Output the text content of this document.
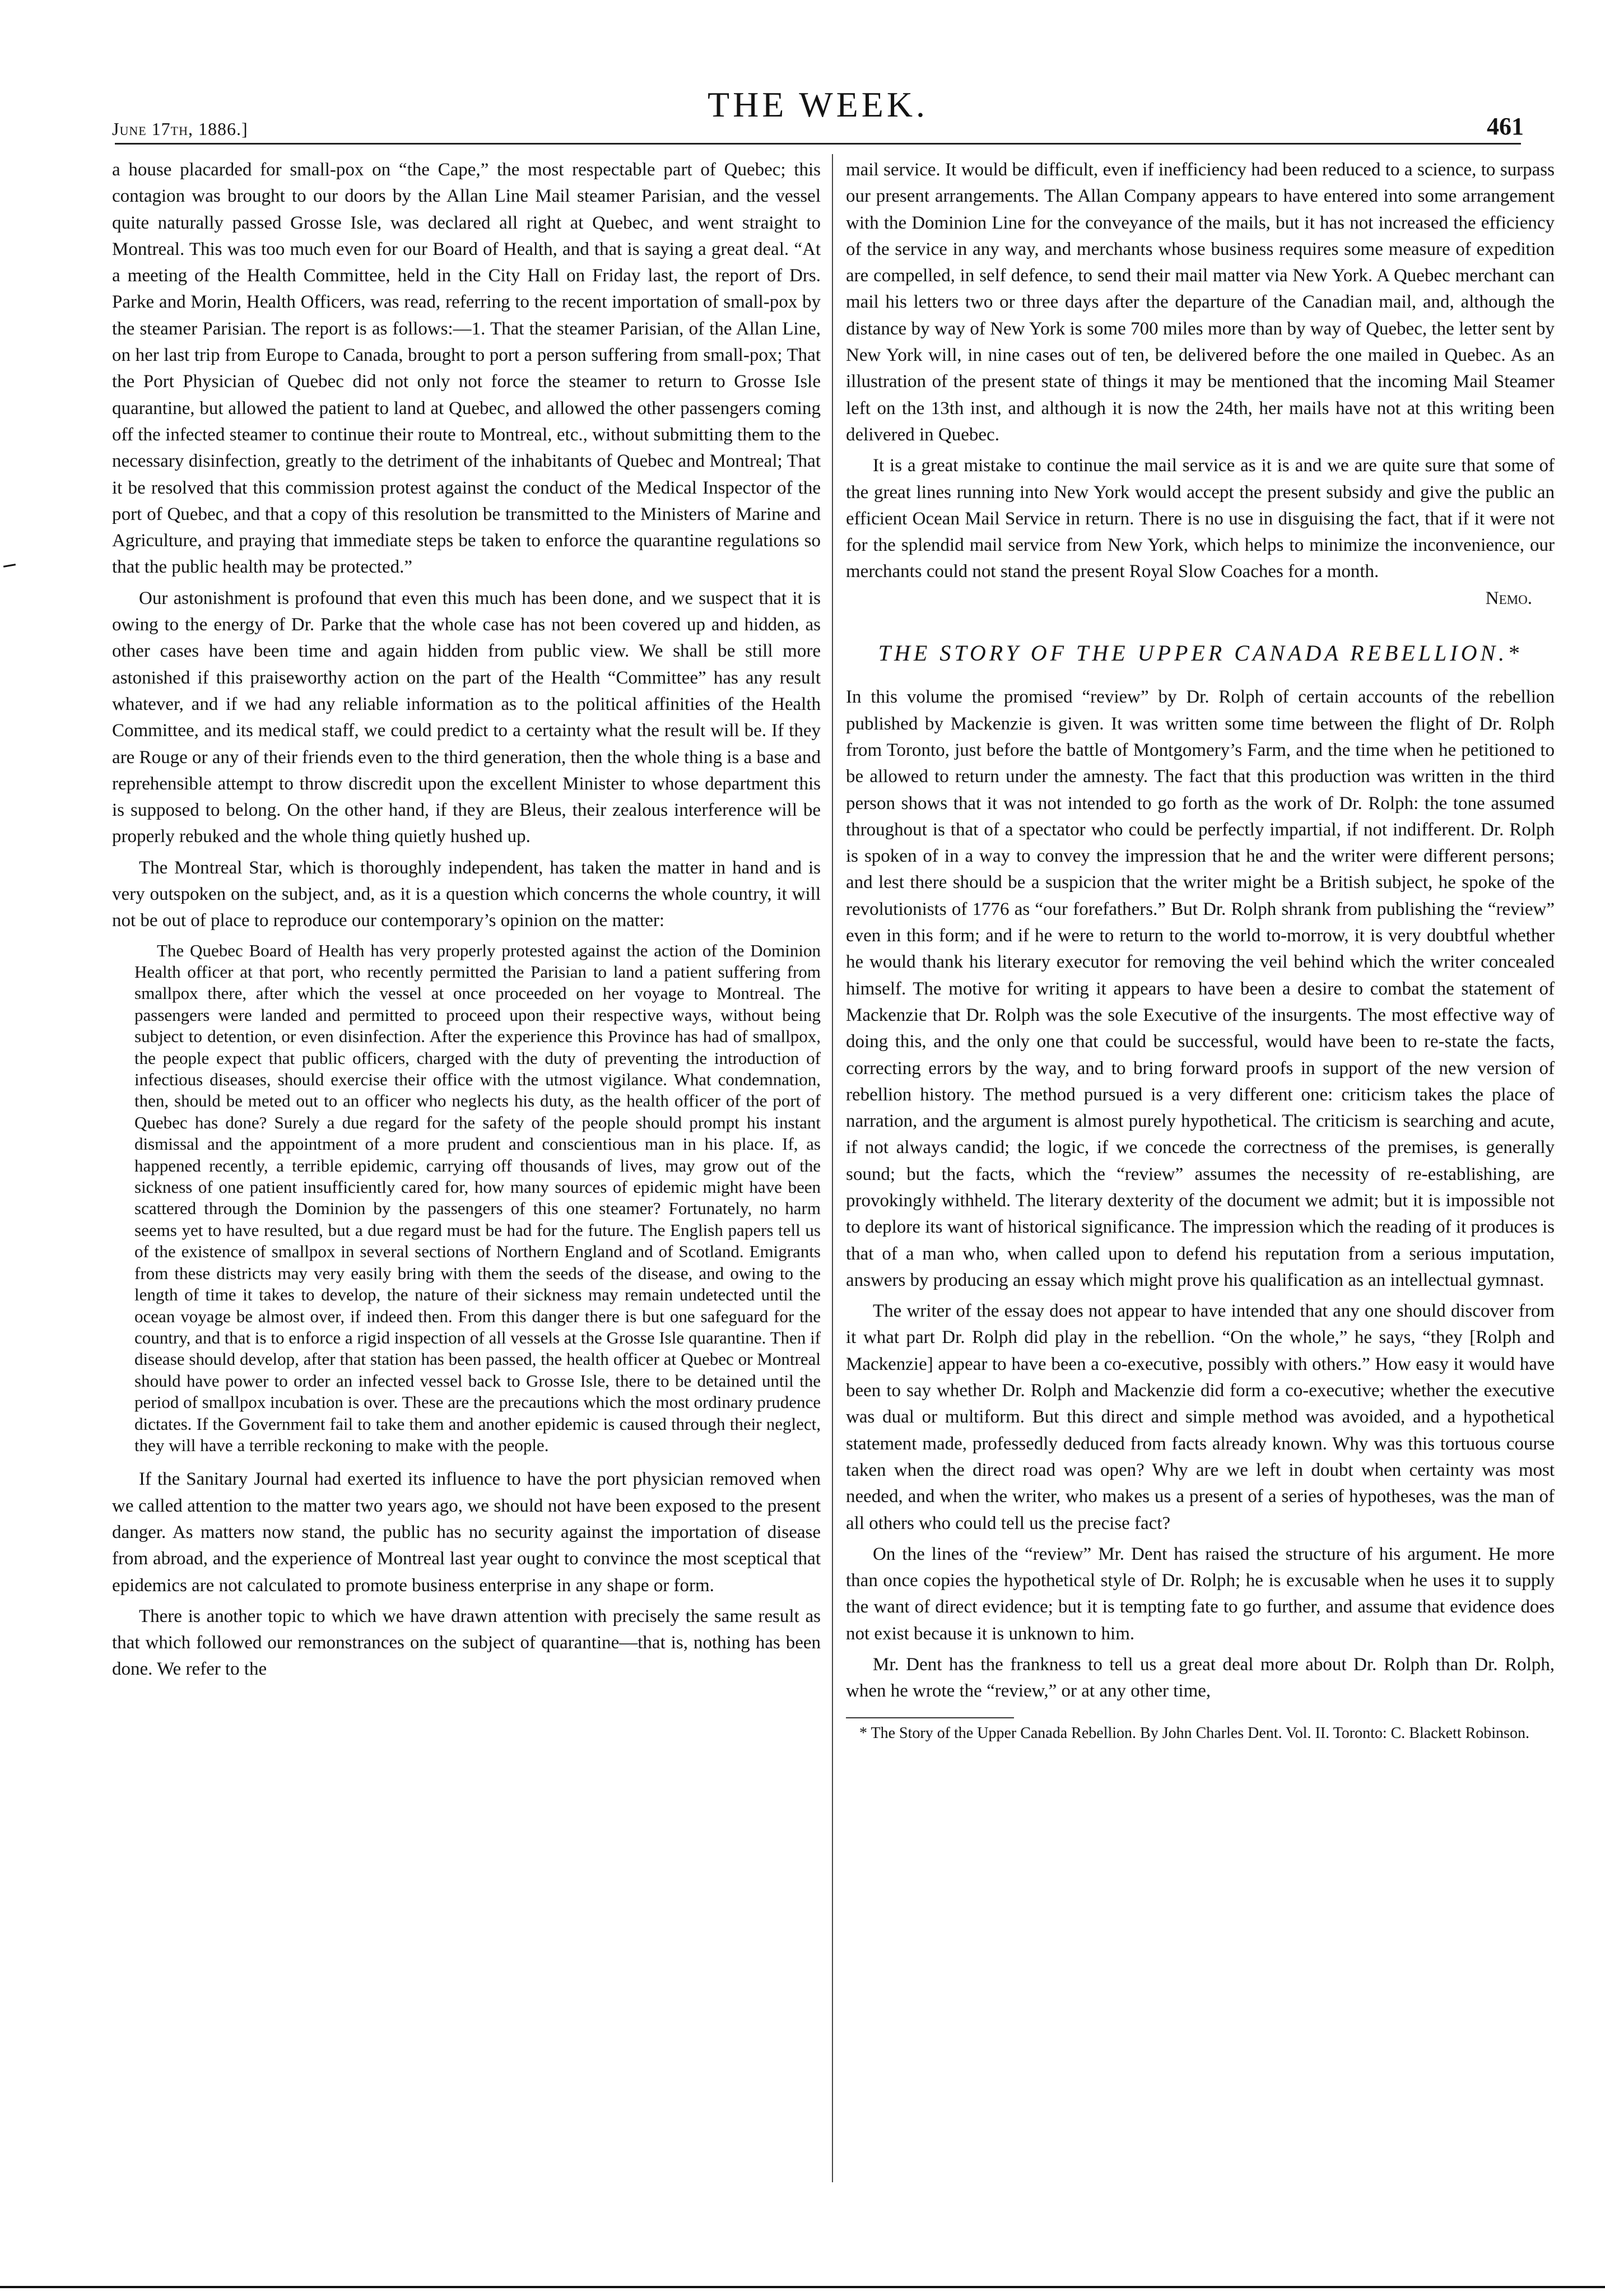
June 17th, 1886.]
THE WEEK.
461

a house placarded for small-pox on “the Cape,” the most respectable part of Quebec; this contagion was brought to our doors by the Allan Line Mail steamer Parisian, and the vessel quite naturally passed Grosse Isle, was declared all right at Quebec, and went straight to Montreal. This was too much even for our Board of Health, and that is saying a great deal. “At a meeting of the Health Committee, held in the City Hall on Friday last, the report of Drs. Parke and Morin, Health Officers, was read, referring to the recent importation of small-pox by the steamer Parisian. The report is as follows:—1. That the steamer Parisian, of the Allan Line, on her last trip from Europe to Canada, brought to port a person suffering from small-pox; That the Port Physician of Quebec did not only not force the steamer to return to Grosse Isle quarantine, but allowed the patient to land at Quebec, and allowed the other passengers coming off the infected steamer to continue their route to Montreal, etc., without submitting them to the necessary disinfection, greatly to the detriment of the inhabitants of Quebec and Montreal; That it be resolved that this commission protest against the conduct of the Medical Inspector of the port of Quebec, and that a copy of this resolution be transmitted to the Ministers of Marine and Agriculture, and praying that immediate steps be taken to enforce the quarantine regulations so that the public health may be protected.”

Our astonishment is profound that even this much has been done, and we suspect that it is owing to the energy of Dr. Parke that the whole case has not been covered up and hidden, as other cases have been time and again hidden from public view. We shall be still more astonished if this praiseworthy action on the part of the Health “Committee” has any result whatever, and if we had any reliable information as to the political affinities of the Health Committee, and its medical staff, we could predict to a certainty what the result will be. If they are Rouge or any of their friends even to the third generation, then the whole thing is a base and reprehensible attempt to throw discredit upon the excellent Minister to whose department this is supposed to belong. On the other hand, if they are Bleus, their zealous interference will be properly rebuked and the whole thing quietly hushed up.

The Montreal Star, which is thoroughly independent, has taken the matter in hand and is very outspoken on the subject, and, as it is a question which concerns the whole country, it will not be out of place to reproduce our contemporary’s opinion on the matter:

The Quebec Board of Health has very properly protested against the action of the Dominion Health officer at that port, who recently permitted the Parisian to land a patient suffering from smallpox there, after which the vessel at once proceeded on her voyage to Montreal. The passengers were landed and permitted to proceed upon their respective ways, without being subject to detention, or even disinfection. After the experience this Province has had of smallpox, the people expect that public officers, charged with the duty of preventing the introduction of infectious diseases, should exercise their office with the utmost vigilance. What condemnation, then, should be meted out to an officer who neglects his duty, as the health officer of the port of Quebec has done? Surely a due regard for the safety of the people should prompt his instant dismissal and the appointment of a more prudent and conscientious man in his place. If, as happened recently, a terrible epidemic, carrying off thousands of lives, may grow out of the sickness of one patient insufficiently cared for, how many sources of epidemic might have been scattered through the Dominion by the passengers of this one steamer? Fortunately, no harm seems yet to have resulted, but a due regard must be had for the future. The English papers tell us of the existence of smallpox in several sections of Northern England and of Scotland. Emigrants from these districts may very easily bring with them the seeds of the disease, and owing to the length of time it takes to develop, the nature of their sickness may remain undetected until the ocean voyage be almost over, if indeed then. From this danger there is but one safeguard for the country, and that is to enforce a rigid inspection of all vessels at the Grosse Isle quarantine. Then if disease should develop, after that station has been passed, the health officer at Quebec or Montreal should have power to order an infected vessel back to Grosse Isle, there to be detained until the period of smallpox incubation is over. These are the precautions which the most ordinary prudence dictates. If the Government fail to take them and another epidemic is caused through their neglect, they will have a terrible reckoning to make with the people.

If the Sanitary Journal had exerted its influence to have the port physician removed when we called attention to the matter two years ago, we should not have been exposed to the present danger. As matters now stand, the public has no security against the importation of disease from abroad, and the experience of Montreal last year ought to convince the most sceptical that epidemics are not calculated to promote business enterprise in any shape or form.

There is another topic to which we have drawn attention with precisely the same result as that which followed our remonstrances on the subject of quarantine—that is, nothing has been done. We refer to the

mail service. It would be difficult, even if inefficiency had been reduced to a science, to surpass our present arrangements. The Allan Company appears to have entered into some arrangement with the Dominion Line for the conveyance of the mails, but it has not increased the efficiency of the service in any way, and merchants whose business requires some measure of expedition are compelled, in self defence, to send their mail matter via New York. A Quebec merchant can mail his letters two or three days after the departure of the Canadian mail, and, although the distance by way of New York is some 700 miles more than by way of Quebec, the letter sent by New York will, in nine cases out of ten, be delivered before the one mailed in Quebec. As an illustration of the present state of things it may be mentioned that the incoming Mail Steamer left on the 13th inst, and although it is now the 24th, her mails have not at this writing been delivered in Quebec.

It is a great mistake to continue the mail service as it is and we are quite sure that some of the great lines running into New York would accept the present subsidy and give the public an efficient Ocean Mail Service in return. There is no use in disguising the fact, that if it were not for the splendid mail service from New York, which helps to minimize the inconvenience, our merchants could not stand the present Royal Slow Coaches for a month.

Nemo.
THE STORY OF THE UPPER CANADA REBELLION.*

In this volume the promised “review” by Dr. Rolph of certain accounts of the rebellion published by Mackenzie is given. It was written some time between the flight of Dr. Rolph from Toronto, just before the battle of Montgomery’s Farm, and the time when he petitioned to be allowed to return under the amnesty. The fact that this production was written in the third person shows that it was not intended to go forth as the work of Dr. Rolph: the tone assumed throughout is that of a spectator who could be perfectly impartial, if not indifferent. Dr. Rolph is spoken of in a way to convey the impression that he and the writer were different persons; and lest there should be a suspicion that the writer might be a British subject, he spoke of the revolutionists of 1776 as “our forefathers.” But Dr. Rolph shrank from publishing the “review” even in this form; and if he were to return to the world to-morrow, it is very doubtful whether he would thank his literary executor for removing the veil behind which the writer concealed himself. The motive for writing it appears to have been a desire to combat the statement of Mackenzie that Dr. Rolph was the sole Executive of the insurgents. The most effective way of doing this, and the only one that could be successful, would have been to re-state the facts, correcting errors by the way, and to bring forward proofs in support of the new version of rebellion history. The method pursued is a very different one: criticism takes the place of narration, and the argument is almost purely hypothetical. The criticism is searching and acute, if not always candid; the logic, if we concede the correctness of the premises, is generally sound; but the facts, which the “review” assumes the necessity of re-establishing, are provokingly withheld. The literary dexterity of the document we admit; but it is impossible not to deplore its want of historical significance. The impression which the reading of it produces is that of a man who, when called upon to defend his reputation from a serious imputation, answers by producing an essay which might prove his qualification as an intellectual gymnast.

The writer of the essay does not appear to have intended that any one should discover from it what part Dr. Rolph did play in the rebellion. “On the whole,” he says, “they [Rolph and Mackenzie] appear to have been a co-executive, possibly with others.” How easy it would have been to say whether Dr. Rolph and Mackenzie did form a co-executive; whether the executive was dual or multiform. But this direct and simple method was avoided, and a hypothetical statement made, professedly deduced from facts already known. Why was this tortuous course taken when the direct road was open? Why are we left in doubt when certainty was most needed, and when the writer, who makes us a present of a series of hypotheses, was the man of all others who could tell us the precise fact?

On the lines of the “review” Mr. Dent has raised the structure of his argument. He more than once copies the hypothetical style of Dr. Rolph; he is excusable when he uses it to supply the want of direct evidence; but it is tempting fate to go further, and assume that evidence does not exist because it is unknown to him.

Mr. Dent has the frankness to tell us a great deal more about Dr. Rolph than Dr. Rolph, when he wrote the “review,” or at any other time,

* The Story of the Upper Canada Rebellion. By John Charles Dent. Vol. II. Toronto: C. Blackett Robinson.
